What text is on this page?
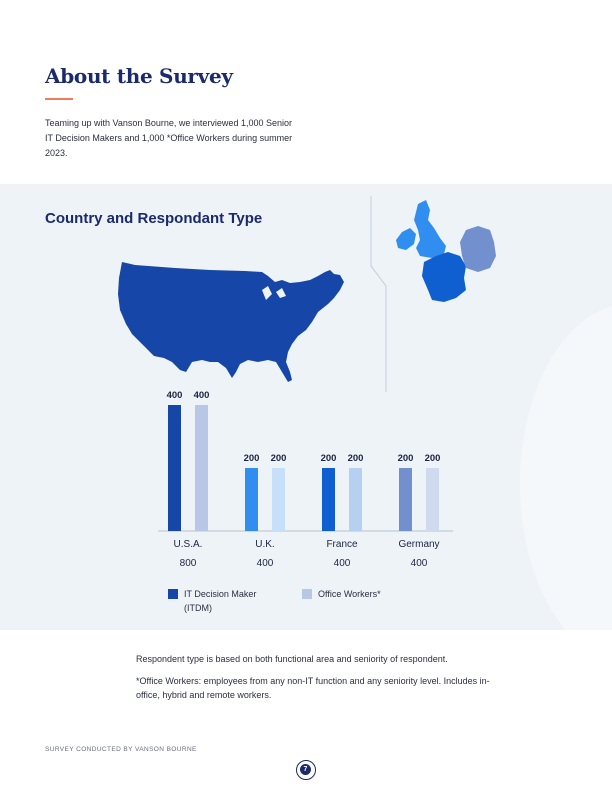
About the Survey
Teaming up with Vanson Bourne, we interviewed 1,000 Senior IT Decision Makers and 1,000 *Office Workers during summer 2023.
Country and Respondant Type
400 400
U.S.A.
800
200 200
U.K.
400
200 200
France
400
200 200
Germany
400
IT Decision Maker
(ITDM)
Office Workers*
Respondent type is based on both functional area and seniority of respondent.
*Office Workers: employees from any non-IT function and any seniority level. Includes in-office, hybrid and remote workers.
SURVEY CONDUCTED BY VANSON BOURNE
7
